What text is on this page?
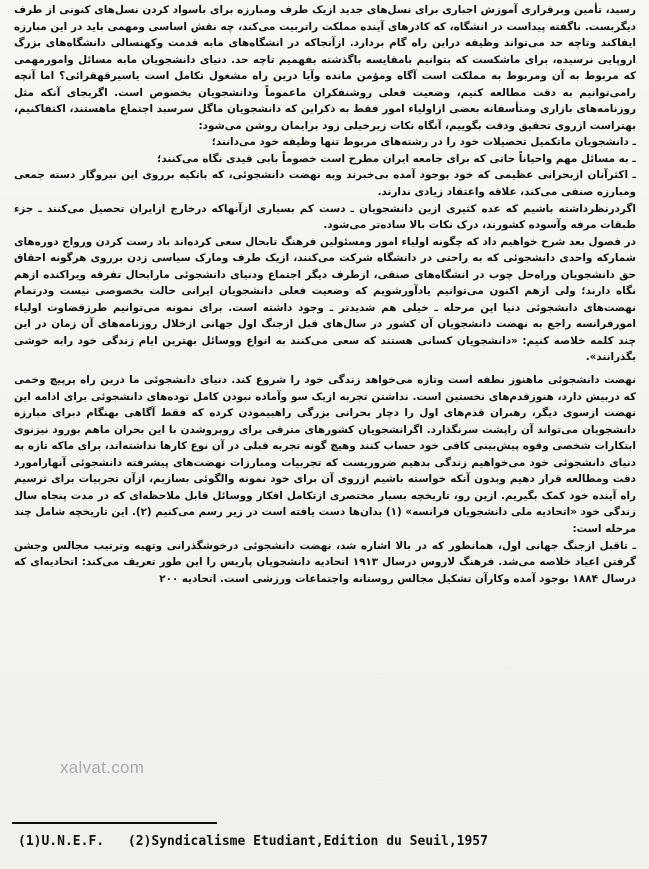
رسید، تأمین وبرقراری آموزش اجباری برای نسل‌های جدید ازیک طرف ومبارزه برای باسواد کردن نسل‌های کنونی از طرف دیگربست. ناگفته پیداست در انشگاه، که کادرهای آینده مملکت راتربیت می‌کند، چه نقش اساسی ومهمی باید در این مبارزه ایفاکند وتاچه حد می‌تواند وظیفه دراین راه گام بردارد. ازآنجاکه در انشگاه‌های مابه قدمت وکهنسالی دانشگاه‌های بزرگ اروپایی نرسیده، برای ماشکست که بتوانیم بامقایسه باگذشته بفهمیم تاچه حد. دنیای دانشجویان مابه مسائل وامورمهمی که مربوط به آن ومربوط به مملکت است آگاه ومؤمن مانده وآیا درین راه مشغول تکامل است یاسیرقهقرائی؟ اما آنچه رامی‌توانیم به دقت مطالعه کنیم، وضعیت فعلی روشنفکران ماعموماً ودانشجویان بخصوص است. اگربجای آنکه مثل روزنامه‌های بازاری ومتأسفانه بعضی ازاولیاء امور فقط به ذکراین که دانشجویان ماگل سرسبد اجتماع ماهستند، اکتفاکنیم، بهتراست ازروی تحقیق ودقت بگوییم، آنگاه نکات زیرخیلی زود برایمان روشن می‌شود:

ـ دانشجویان ماتکمیل تحصیلات خود را در رشته‌های مربوط تنها وظیفه خود می‌دانند؛

ـ به مسائل مهم واحیاناً حاتی که برای جامعه ایران مطرح است خصوماً بابی قیدی نگاه می‌کنند؛

ـ اکثرآنان ازبحرانی عظیمی که خود بوجود آمده بی‌خبرند وبه نهضت دانشجوئی، که باتکیه برروی این نیروگار دسته جمعی ومبارزه صنفی می‌کند، علاقه واعتقاد زیادی ندارند.

اگردرنظرداشته باشیم که عده کثیری ازین دانشجویان ـ دست کم بسیاری ازآنهاکه درخارج ازایران تحصیل می‌کنند ـ جزء طبقات مرفه وآسوده کشورند، درک نکات بالا ساده‌تر می‌شود.

در فصول بعد شرح خواهیم داد که چگونه اولیاء امور ومسئولین فرهنگ تابحال سعی کرده‌اند باد رست کردن ورواج دوره‌های شمارکه واحدی دانشجوئی که به راحتی در دانشگاه شرکت می‌کنند، ازیک طرف ومارک سیاسی زدن برروی هرگونه احقاق حق دانشجویان وراه‌حل چوب در انشگاه‌های صنفی، ازطرف دیگر اجتماع ودنیای دانشجوئی مارابحال تفرقه ویراکنده ازهم نگاه دارند؛ ولی ازهم اکنون می‌توانیم یادآورشویم که وضعیت فعلی دانشجویان ایرانی حالت بخصوصی نیست ودرتمام نهضت‌های دانشجوئی دنیا این مرحله ـ خیلی هم شدیدتر ـ وجود داشته است. برای نمونه می‌توانیم طرزقضاوت اولیاء امورفرانسه راجع به نهضت دانشجویان آن کشور در سال‌های قبل ازجنگ اول جهانی ازخلال روزنامه‌های آن زمان در این چند کلمه خلاصه کنیم: «دانشجویان کسانی هستند که سعی می‌کنند به انواع ووسائل بهترین ایام زندگی خود رابه خوشی بگذرانند».

نهضت دانشجوئی ماهنوز نطفه است وتازه می‌خواهد زندگی خود را شروع کند. دنیای دانشجوئی ما درین راه پرپیچ وخمی که دربیش دارد، هنوزقدم‌های نخستین است. نداشتن تجربه ازیک سو وآماده نبودن کامل توده‌های دانشجوئی برای ادامه این نهضت ازسوی دیگر، رهبران قدم‌های اول را دچار بحرانی بزرگی راهبیمودن کرده که فقط آگاهی بهنگام دبرای مبارزه دانشجویان می‌تواند آن راپشت سرنگذارد. اگرانشجویان کشورهای مترقی برای روبروشدن با این بحران ماهم بورود نیزنوی ابتکارات شخصی وقوه پیش‌بینی کافی خود حساب کنند وهیچ گونه تجربه قبلی در آن نوع کارها نداشته‌اند، برای ماکه تازه به دنیای دانشجوئی خود می‌خواهیم زندگی بدهیم ضروریست که تجربیات ومبارزات نهضت‌های پیشرفته دانشجوئی آنهارامورد دقت ومطالعه قرار دهیم وبدون آنکه خواسته باشیم ازروی آن برای خود نمونه والگوئی بسازیم، ازآن تجربیات برای ترسیم راه آینده خود کمک بگیریم. ازین رو، تاریخچه بسیار مختصری ازتکامل افکار ووسائل قابل ملاحظه‌ای که در مدت پنجاه سال زندگی خود «اتحادیه ملی دانشجویان فرانسه» (۱) بدان‌ها دست یافته است در زیر رسم می‌کنیم (۲). این تاریخچه شامل چند مرحله است:

ـ تاقبل ازجنگ جهانی اول، همانطور که در بالا اشاره شد، نهضت دانشجوئی درخوشگذرانی وتهیه وترتیب مجالس وجشن‌ گرفتن اعیاد خلاصه می‌شد. فرهنگ لاروس درسال ۱۹۱۳ اتحادیه دانشجویان پاریس را این طور تعریف می‌کند: اتحادیه‌ای که درسال ۱۸۸۴ بوجود آمده وکارآن تشکیل مجالس روستانه واجتماعات ورزشی است. اتحادیه ۲۰۰

xalvat.com
(1)U.N.E.F. (2)Syndicalisme Etudiant,Edition du Seuil,1957
